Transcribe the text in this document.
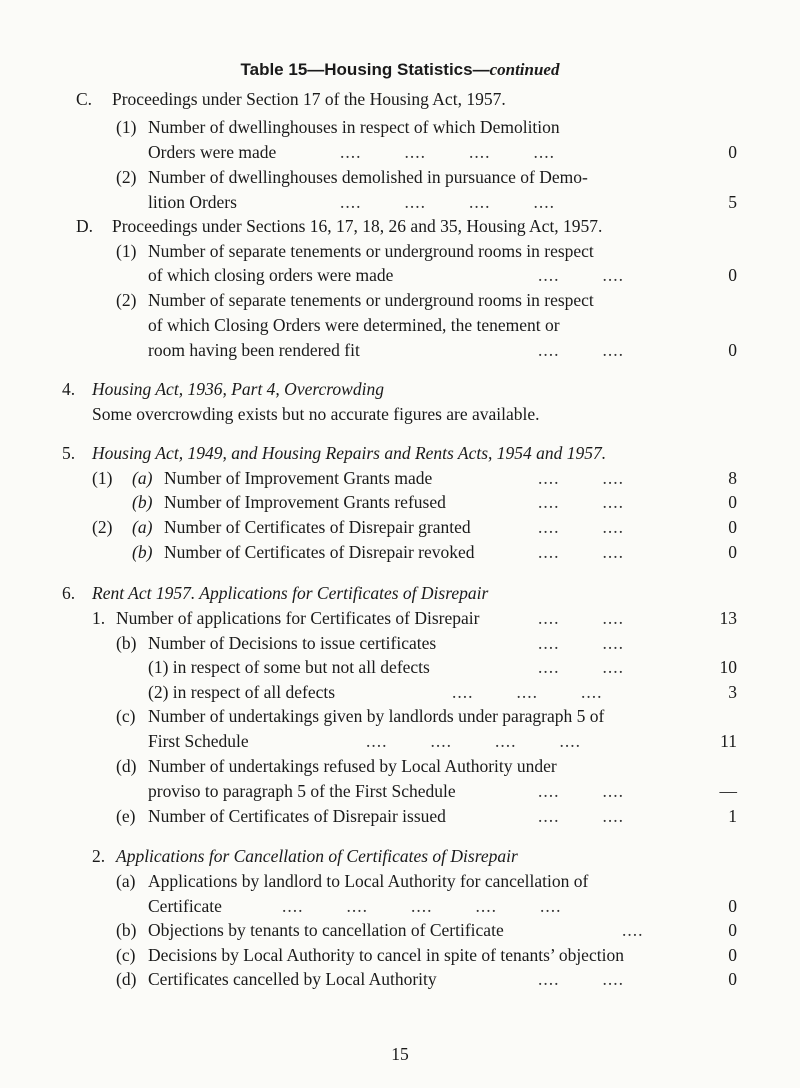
Table 15—Housing Statistics—continued
C. Proceedings under Section 17 of the Housing Act, 1957.
(1) Number of dwellinghouses in respect of which Demolition
Orders were made	....        ....        ....        ....	0
(2) Number of dwellinghouses demolished in pursuance of Demo-
lition Orders	....        ....        ....        ....	5
D. Proceedings under Sections 16, 17, 18, 26 and 35, Housing Act, 1957.
(1) Number of separate tenements or underground rooms in respect
of which closing orders were made	....        ....	0
(2) Number of separate tenements or underground rooms in respect
of which Closing Orders were determined, the tenement or
room having been rendered fit	....        ....	0
4. Housing Act, 1936, Part 4, Overcrowding
Some overcrowding exists but no accurate figures are available.
5. Housing Act, 1949, and Housing Repairs and Rents Acts, 1954 and 1957.
(1) (a) Number of Improvement Grants made	....        ....	8
(b) Number of Improvement Grants refused	....        ....	0
(2) (a) Number of Certificates of Disrepair granted	....        ....	0
(b) Number of Certificates of Disrepair revoked	....        ....	0
6. Rent Act 1957. Applications for Certificates of Disrepair
1. Number of applications for Certificates of Disrepair	....        ....	13
(b) Number of Decisions to issue certificates	....        ....
(1) in respect of some but not all defects	....        ....	10
(2) in respect of all defects	....        ....        ....	3
(c) Number of undertakings given by landlords under paragraph 5 of
First Schedule	....        ....        ....        ....	11
(d) Number of undertakings refused by Local Authority under
proviso to paragraph 5 of the First Schedule	....        ....	—
(e) Number of Certificates of Disrepair issued	....        ....	1
2. Applications for Cancellation of Certificates of Disrepair
(a) Applications by landlord to Local Authority for cancellation of
Certificate	....        ....        ....        ....        ....	0
(b) Objections by tenants to cancellation of Certificate	....	0
(c) Decisions by Local Authority to cancel in spite of tenants’ objection	0
(d) Certificates cancelled by Local Authority	....        ....	0
15
